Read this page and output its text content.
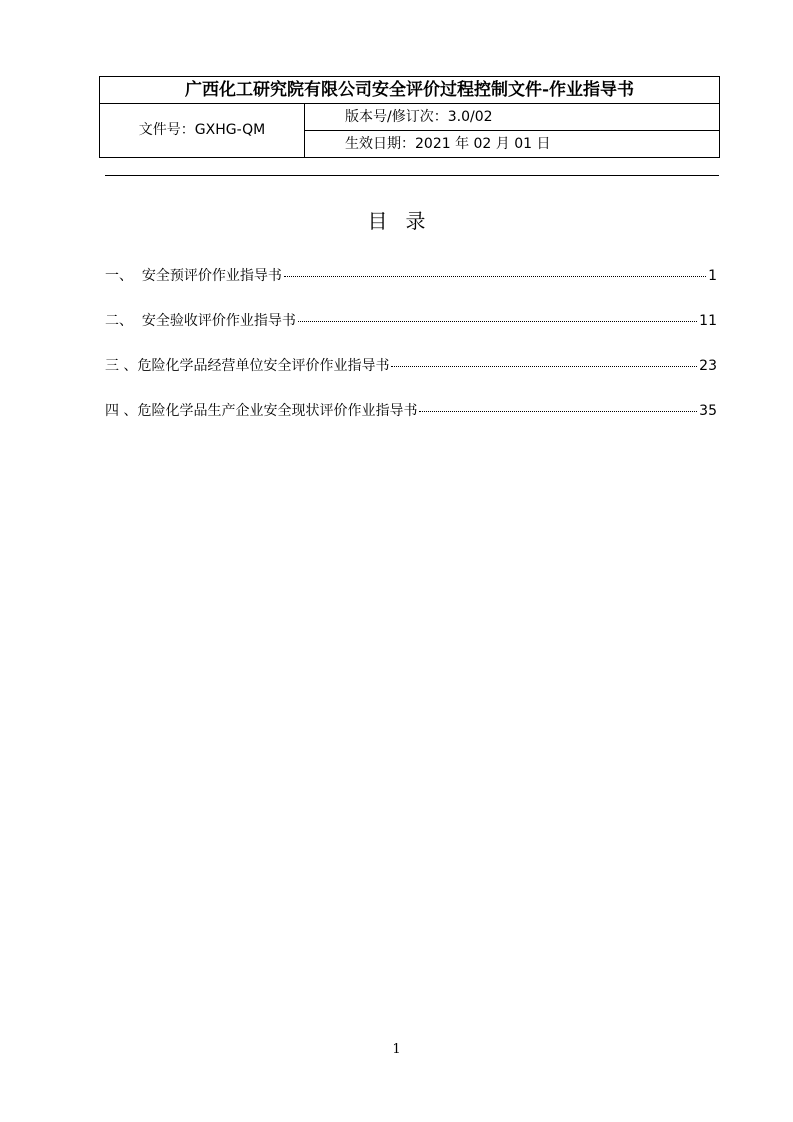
广西化工研究院有限公司安全评价过程控制文件-作业指导书
文件号：GXHG-QM
版本号/修订次：3.0/02
生效日期：2021 年 02 月 01 日
目录
一、 安全预评价作业指导书	1
二、 安全验收评价作业指导书	11
三 、 危险化学品经营单位安全评价作业指导书	23
四 、 危险化学品生产企业安全现状评价作业指导书	35
1
